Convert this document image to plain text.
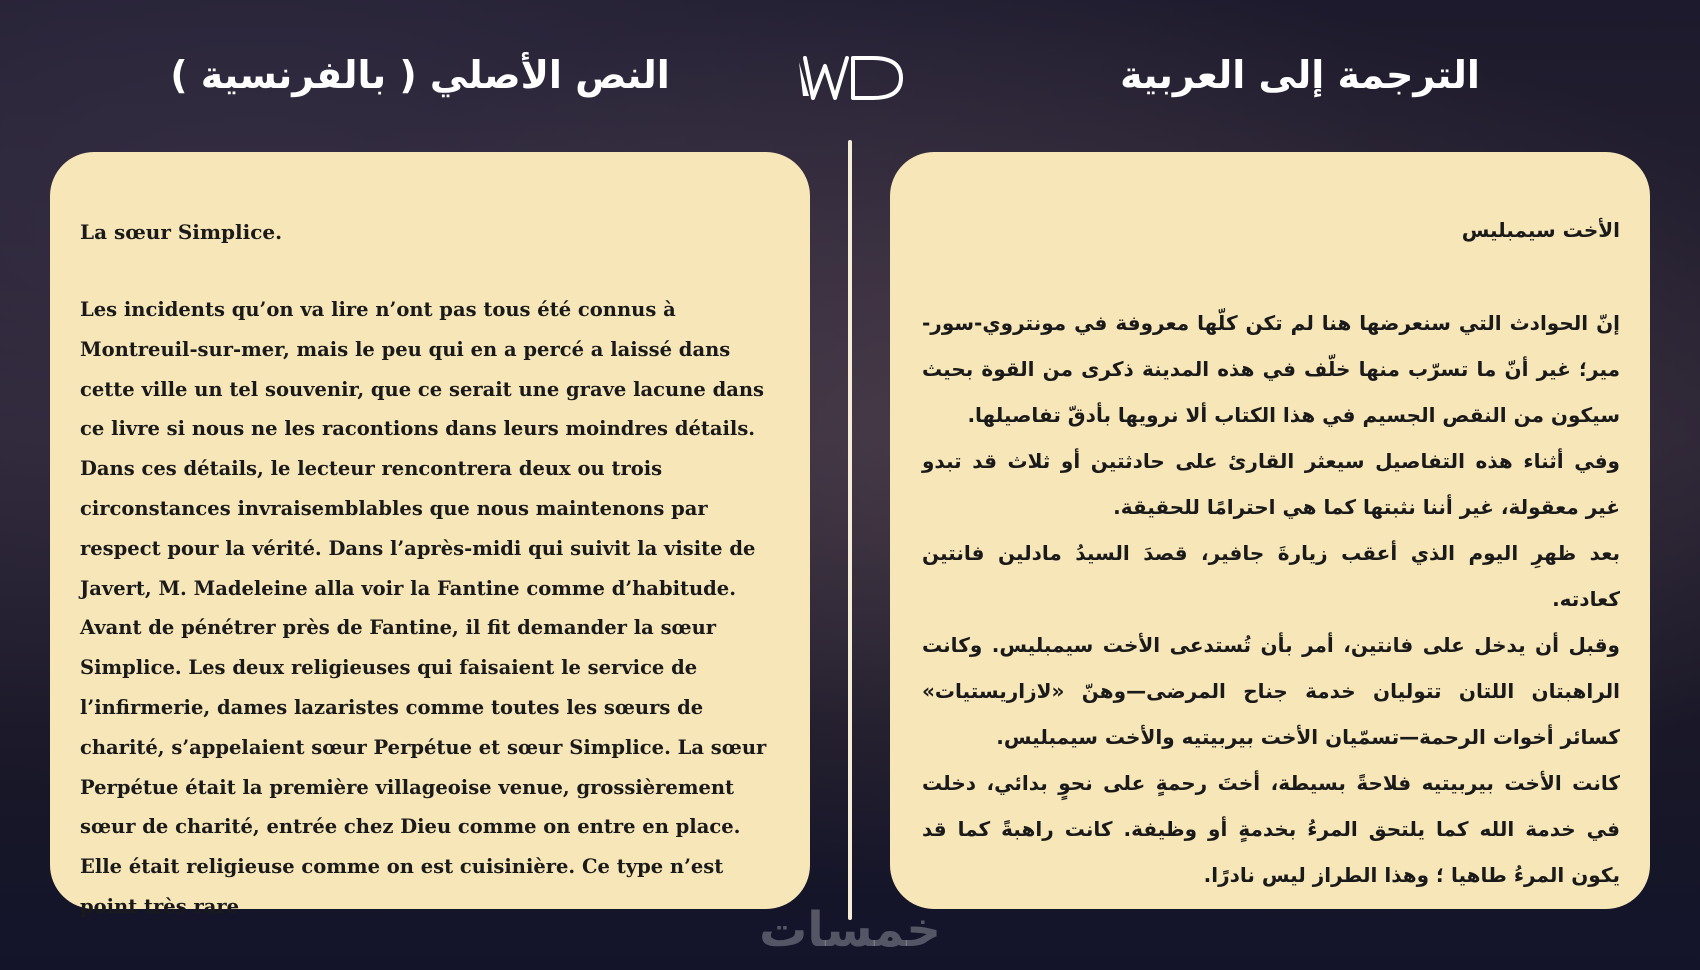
الترجمة إلى العربية
النص الأصلي ( بالفرنسية )

La sœur Simplice.

Les incidents qu’on va lire n’ont pas tous été connus à Montreuil-sur-mer, mais le peu qui en a percé a laissé dans cette ville un tel souvenir, que ce serait une grave lacune dans ce livre si nous ne les racontions dans leurs moindres détails. Dans ces détails, le lecteur rencontrera deux ou trois circonstances invraisemblables que nous maintenons par respect pour la vérité. Dans l’après-midi qui suivit la visite de Javert, M. Madeleine alla voir la Fantine comme d’habitude. Avant de pénétrer près de Fantine, il fit demander la sœur Simplice. Les deux religieuses qui faisaient le service de l’infirmerie, dames lazaristes comme toutes les sœurs de charité, s’appelaient sœur Perpétue et sœur Simplice. La sœur Perpétue était la première villageoise venue, grossièrement sœur de charité, entrée chez Dieu comme on entre en place. Elle était religieuse comme on est cuisinière. Ce type n’est point très rare

الأخت سيمبليس

إنّ الحوادث التي سنعرضها هنا لم تكن كلّها معروفة في مونتروي-سور-مير؛ غير أنّ ما تسرّب منها خلّف في هذه المدينة ذكرى من القوة بحيث سيكون من النقص الجسيم في هذا الكتاب ألا نرويها بأدقّ تفاصيلها.

وفي أثناء هذه التفاصيل سيعثر القارئ على حادثتين أو ثلاث قد تبدو غير معقولة، غير أننا نثبتها كما هي احترامًا للحقيقة.

بعد ظهرِ اليوم الذي أعقب زيارةَ جافير، قصدَ السيدُ مادلين فانتين كعادته.

وقبل أن يدخل على فانتين، أمر بأن تُستدعى الأخت سيمبليس. وكانت الراهبتان اللتان تتوليان خدمة جناح المرضى—وهنّ «لازاريستيات» كسائر أخوات الرحمة—تسمّيان الأخت بيربيتيه والأخت سيمبليس.

كانت الأخت بيربيتيه فلاحةً بسيطة، أختَ رحمةٍ على نحوٍ بدائي، دخلت في خدمة الله كما يلتحق المرءُ بخدمةٍ أو وظيفة. كانت راهبةً كما قد يكون المرءُ طاهيا ؛ وهذا الطراز ليس نادرًا.

خمسات
